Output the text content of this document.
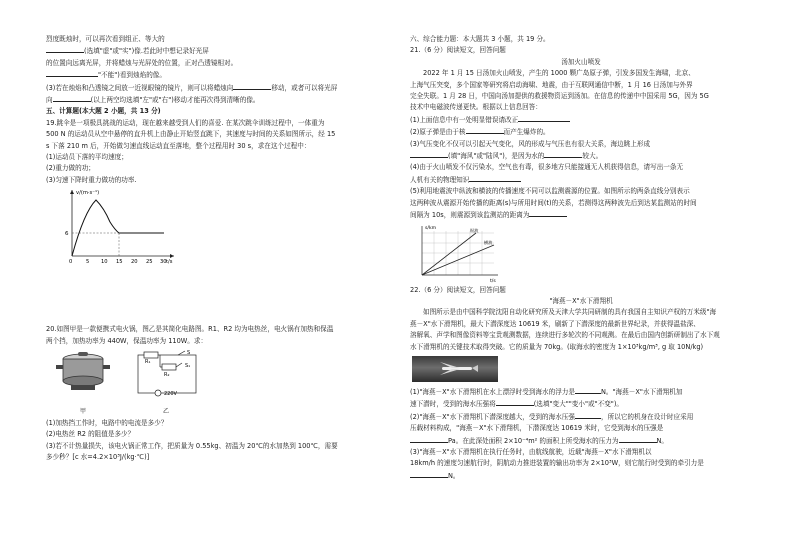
烈度既烛时，可以再次看到组正、等大的

(选填"虚"或"实")像.若此时中想记录好光屏

的位置向远离光屏，并将蜡烛与光屏处的位置，正对凸透镜相对。

"不能")看到烛焰的像。

(3)若在烛焰和凸透镜之间放一近视眼镜的镜片，则可以将蜡烛向	移动，或者可以将光屏

向	(以上两空均选填"左"或"右")移动才能再次得到清晰的像。

五、计算题(本大题 2 小题，共 13 分)

19.跳伞是一项极具挑战的运动，现在越来越受到人们的喜爱. 在某次跳伞训练过程中，一体重为

500 N 的运动员从空中悬停的直升机上由静止开始竖直跳下，其速度与时间的关系如图所示，经 15

s 下落 210 m 后，开始做匀速直线运动直至落地，整个过程用时 30 s，求在这个过程中：

(1)运动员下落的平均速度；

(2)重力做的功；

(3)匀速下降时重力做功的功率.

v/(m·s⁻¹)
t/s
6
0	5 10 15 20 25 30

20.如图甲是一款便携式电火锅，图乙是其简化电路图。R1、R2 均为电热丝，电火锅有加热和保温

两个挡，加热功率为 440W，保温功率为 110W。求：

甲
R₁
R₂
S
S₁
220V
乙

(1)加热挡工作时，电路中的电流是多少？

(2)电热丝 R2 的阻值是多少？

(3)若不计热量损失，该电火锅正常工作，把质量为 0.55kg、初温为 20℃的水加热到 100℃，需要

多少秒？[c 水=4.2×10³J/(kg·℃)]

六、综合能力题：本大题共 3 小题，共 19 分。

21.（6 分）阅读短文，回答问题

汤加火山喷发

2022 年 1 月 15 日汤加火山喷发，产生的 1000 颗广岛原子弹，引发多国发生海啸，北京、

上海气压突变，多个国家等研究将启动海啸、地震，由于互联网通信中断，1 月 16 日汤加与外界

完全失联。1 月 28 日，中国向汤加提供的救援物资运到汤加。在信息的传递中中国采用 5G，因为 5G

技术中电磁波传递更快。根据以上信息回答：

(1)上面信息中有一处明显错误请改正

(2)原子弹是由于核	而产生爆炸的。

(3)气压变化不仅可以引起天气变化，风的形成与气压也有很大关系，海边眺上形成

(填"海风"或"陆风")，是因为水的	较大。

(4)由于火山喷发不仅污染水，空气也有毒，很多地方只能接通无人机获得信息，请写出一条无

人机有关的物理知识

(5)利用地震波中纵波和横波的传播速度不同可以监测震源的位置。如图所示的两条直线分别表示

这两种波从震源开始传播的距离(s)与所用时间(t)的关系，若测得这两种波先后到达某监测站的时间

间隔为 10s，则震源到该监测站的距离为

s/km
t/s
纵波
横波

22.（6 分）阅读短文，回答问题

"海燕－X"水下滑翔机

如图所示是由中国科学院沈阳自动化研究所及天津大学共同研制的具有我国自主知识产权的万米级"海

燕－X"水下滑翔机，最大下潜深度达 10619 米，刷新了下潜深度的最新世界纪录，并获得温盐深、

溶解氧、声学和图像资料等宝贵观测数据，连续进行多轮次的不同观测。在最后由国内创新研制出了水下观

水下滑翔机的关键技术取得突破。它的质量为 70kg。(取海水的密度为 1×10³kg/m³, g 取 10N/kg)

(1)"海燕－X"水下滑翔机在水上漂浮时受到海水的浮力是	N。"海燕－X"水下滑翔机加

速下潜时，受到的海水压强将	(选填"变大""变小"或"不变")。

(2)"海燕－X"水下滑翔机下潜深度越大，受到的海水压强	，所以它的机身在设计时应采用

压载材料构成，"海燕－X"水下滑翔机，下潜深度达 10619 米时，它受到海水的压强是

Pa。在此深处面积 2×10⁻⁴m² 的面积上所受海水的压力为	N。

(3)"海燕－X"水下滑翔机在执行任务时，由航线航驶，近载"海燕－X"水下滑翔机以

18km/h 的速度匀速航行时，阴航动力推进装置的输出功率为 2×10³W，则它航行时受到的牵引力是

N。
